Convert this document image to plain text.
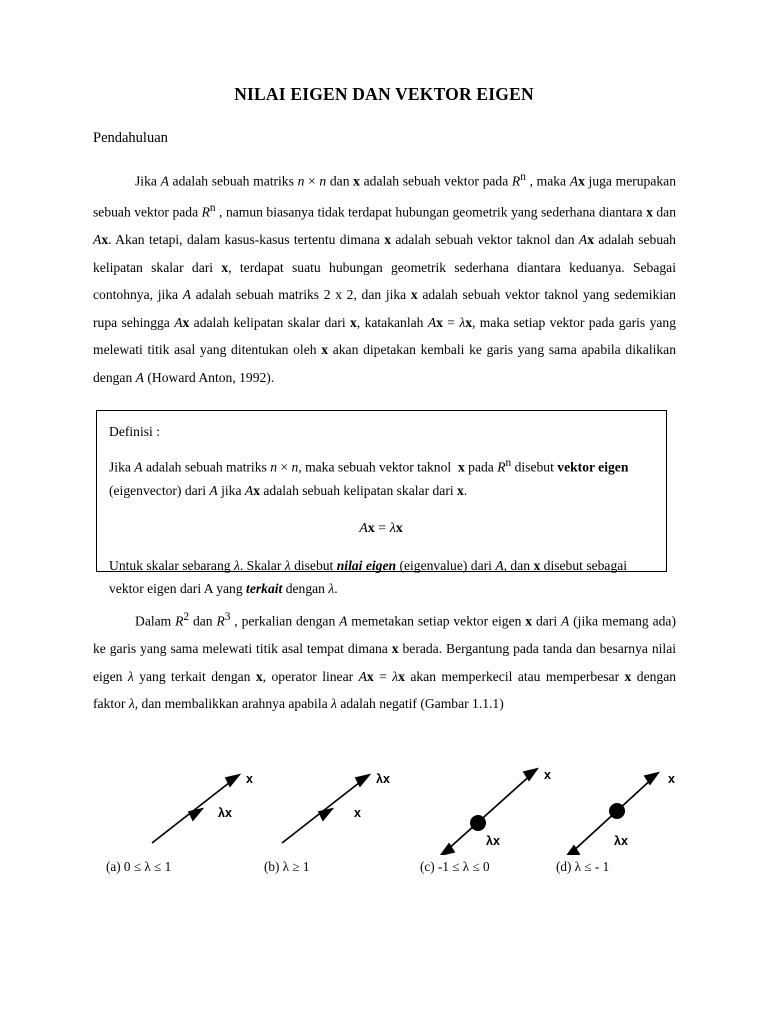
NILAI EIGEN DAN VEKTOR EIGEN
Pendahuluan

Jika A adalah sebuah matriks n × n dan x adalah sebuah vektor pada $R^n$ , maka Ax juga merupakan sebuah vektor pada $R^n$ , namun biasanya tidak terdapat hubungan geometrik yang sederhana diantara x dan Ax. Akan tetapi, dalam kasus-kasus tertentu dimana x adalah sebuah vektor taknol dan Ax adalah sebuah kelipatan skalar dari x, terdapat suatu hubungan geometrik sederhana diantara keduanya. Sebagai contohnya, jika A adalah sebuah matriks 2 x 2, dan jika x adalah sebuah vektor taknol yang sedemikian rupa sehingga Ax adalah kelipatan skalar dari x, katakanlah Ax = λx, maka setiap vektor pada garis yang melewati titik asal yang ditentukan oleh x akan dipetakan kembali ke garis yang sama apabila dikalikan dengan A (Howard Anton, 1992).

Definisi :
Jika A adalah sebuah matriks n × n, maka sebuah vektor taknol  x pada $R^n$ disebut vektor eigen (eigenvector) dari A jika Ax adalah sebuah kelipatan skalar dari x.
Ax = λx
Untuk skalar sebarang λ. Skalar λ disebut nilai eigen (eigenvalue) dari A, dan x disebut sebagai vektor eigen dari A yang terkait dengan λ.

Dalam $R^2$ dan $R^3$ , perkalian dengan A memetakan setiap vektor eigen x dari A (jika memang ada) ke garis yang sama melewati titik asal tempat dimana x berada. Bergantung pada tanda dan besarnya nilai eigen λ yang terkait dengan x, operator linear Ax = λx akan memperkecil atau memperbesar x dengan faktor λ, dan membalikkan arahnya apabila λ adalah negatif (Gambar 1.1.1)

x
λx
(a) 0 ≤ λ ≤ 1
λx
x
(b) λ ≥ 1
x
λx
(c) -1 ≤ λ ≤ 0
x
λx
(d) λ ≤ - 1
